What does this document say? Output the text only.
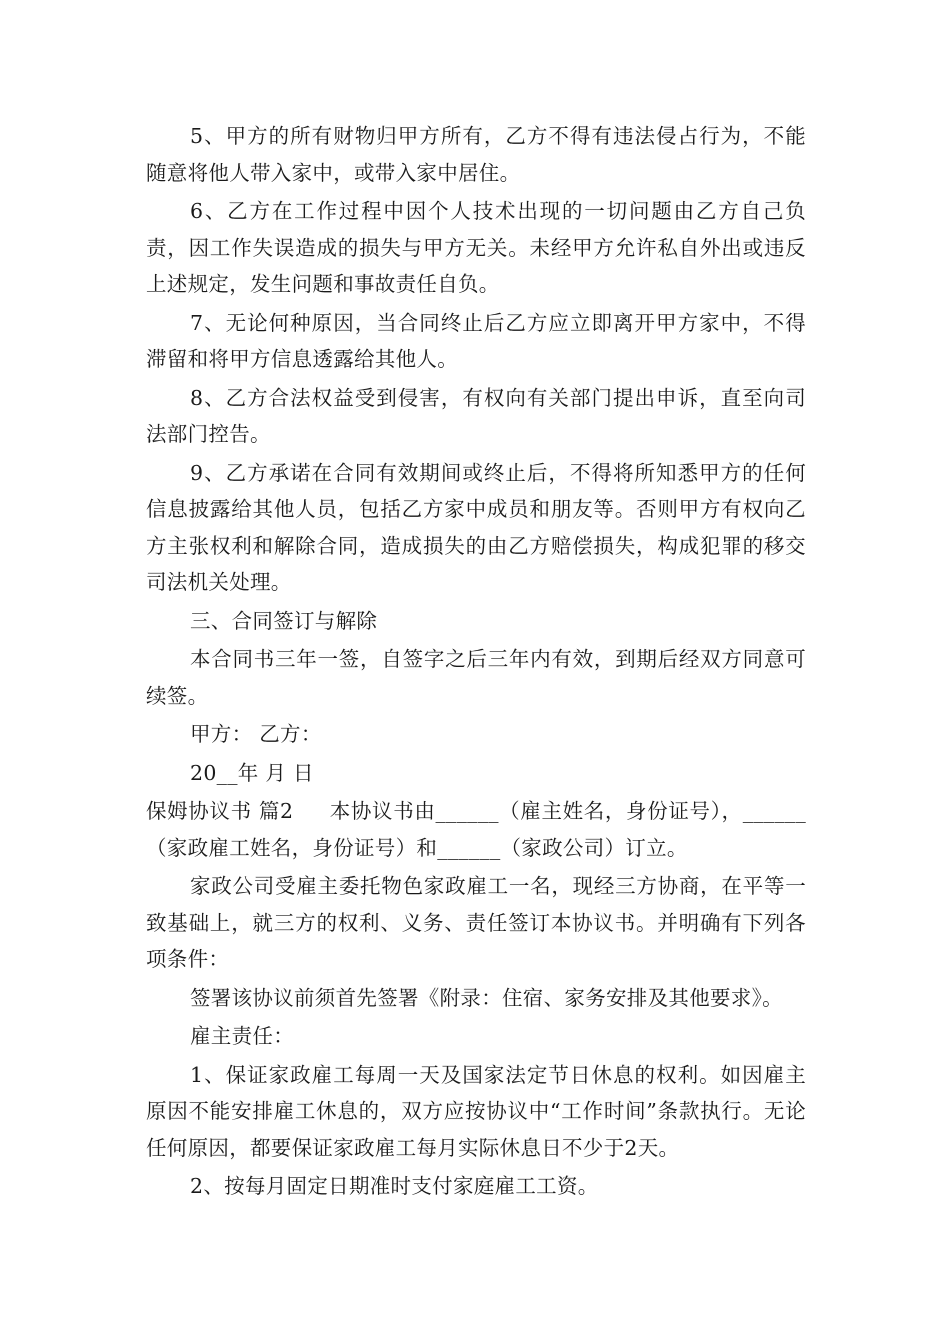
5、甲方的所有财物归甲方所有，乙方不得有违法侵占行为，不能随意将他人带入家中，或带入家中居住。

6、乙方在工作过程中因个人技术出现的一切问题由乙方自己负责，因工作失误造成的损失与甲方无关。未经甲方允许私自外出或违反上述规定，发生问题和事故责任自负。

7、无论何种原因，当合同终止后乙方应立即离开甲方家中，不得滞留和将甲方信息透露给其他人。

8、乙方合法权益受到侵害，有权向有关部门提出申诉，直至向司法部门控告。

9、乙方承诺在合同有效期间或终止后，不得将所知悉甲方的任何信息披露给其他人员，包括乙方家中成员和朋友等。否则甲方有权向乙方主张权利和解除合同，造成损失的由乙方赔偿损失，构成犯罪的移交司法机关处理。

三、合同签订与解除

本合同书三年一签，自签字之后三年内有效，到期后经双方同意可续签。

甲方： 乙方：

20__年 月 日

保姆协议书 篇2 本协议书由______（雇主姓名，身份证号），______（家政雇工姓名，身份证号）和______（家政公司）订立。

家政公司受雇主委托物色家政雇工一名，现经三方协商，在平等一致基础上，就三方的权利、义务、责任签订本协议书。并明确有下列各项条件：

签署该协议前须首先签署《附录：住宿、家务安排及其他要求》。

雇主责任：

1、保证家政雇工每周一天及国家法定节日休息的权利。如因雇主原因不能安排雇工休息的，双方应按协议中“工作时间”条款执行。无论任何原因，都要保证家政雇工每月实际休息日不少于2天。

2、按每月固定日期准时支付家庭雇工工资。
